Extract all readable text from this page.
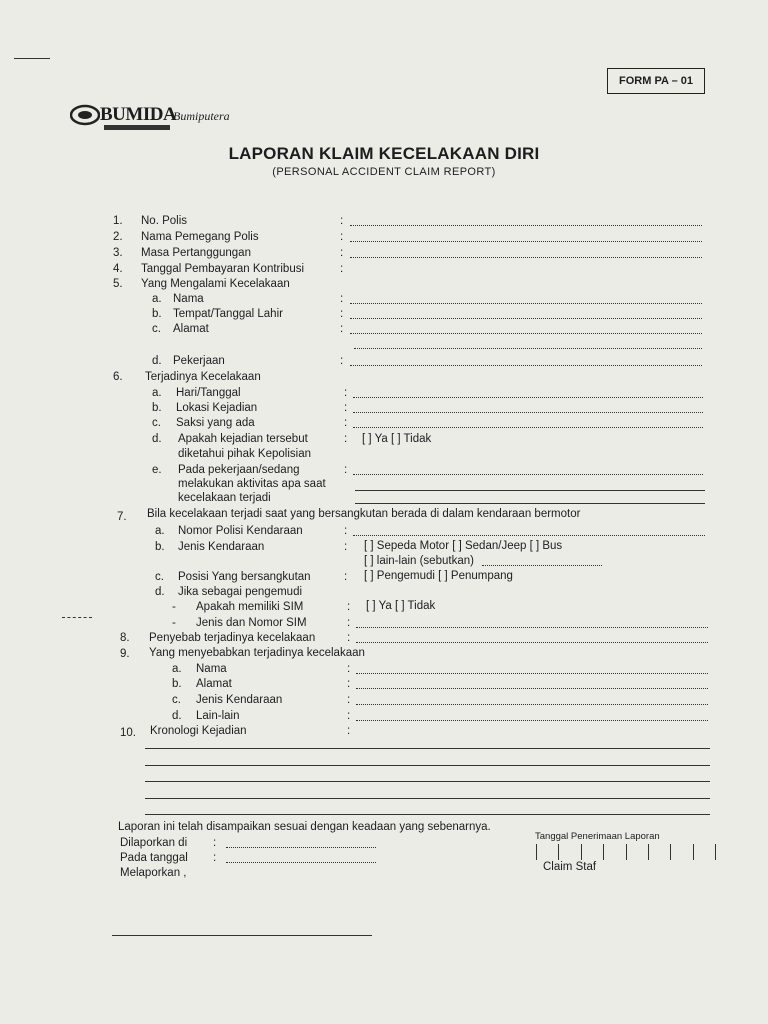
FORM PA – 01
BUMIDA
Bumiputera
LAPORAN KLAIM KECELAKAAN DIRI
(PERSONAL ACCIDENT CLAIM REPORT)
1. No. Polis	:
2. Nama Pemegang Polis	:
3. Masa Pertanggungan	:
4. Tanggal Pembayaran Kontribusi	:
5. Yang Mengalami Kecelakaan
a. Nama	:
b. Tempat/Tanggal Lahir	:
c. Alamat	:
d. Pekerjaan	:
6. Terjadinya Kecelakaan
a. Hari/Tanggal	:
b. Lokasi Kejadian	:
c. Saksi yang ada	:
d. Apakah kejadian tersebut
diketahui pihak Kepolisian
: [ ] Ya [ ] Tidak
e. Pada pekerjaan/sedang
melakukan aktivitas apa saat
kecelakaan terjadi
:
7. Bila kecelakaan terjadi saat yang bersangkutan berada di dalam kendaraan bermotor
a. Nomor Polisi Kendaraan	:
b. Jenis Kendaraan	: [ ] Sepeda Motor [ ] Sedan/Jeep [ ] Bus
[ ] lain-lain (sebutkan)
c. Posisi Yang bersangkutan	: [ ] Pengemudi [ ] Penumpang
d. Jika sebagai pengemudi
- Apakah memiliki SIM	: [ ] Ya [ ] Tidak
- Jenis dan Nomor SIM	:
8. Penyebab terjadinya kecelakaan	:
9. Yang menyebabkan terjadinya kecelakaan
a. Nama	:
b. Alamat	:
c. Jenis Kendaraan	:
d. Lain-lain	:
10. Kronologi Kejadian	:
Laporan ini telah disampaikan sesuai dengan keadaan yang sebenarnya.
Dilaporkan di :
Pada tanggal :
Melaporkan ,
Tanggal Penerimaan Laporan
Claim Staf
